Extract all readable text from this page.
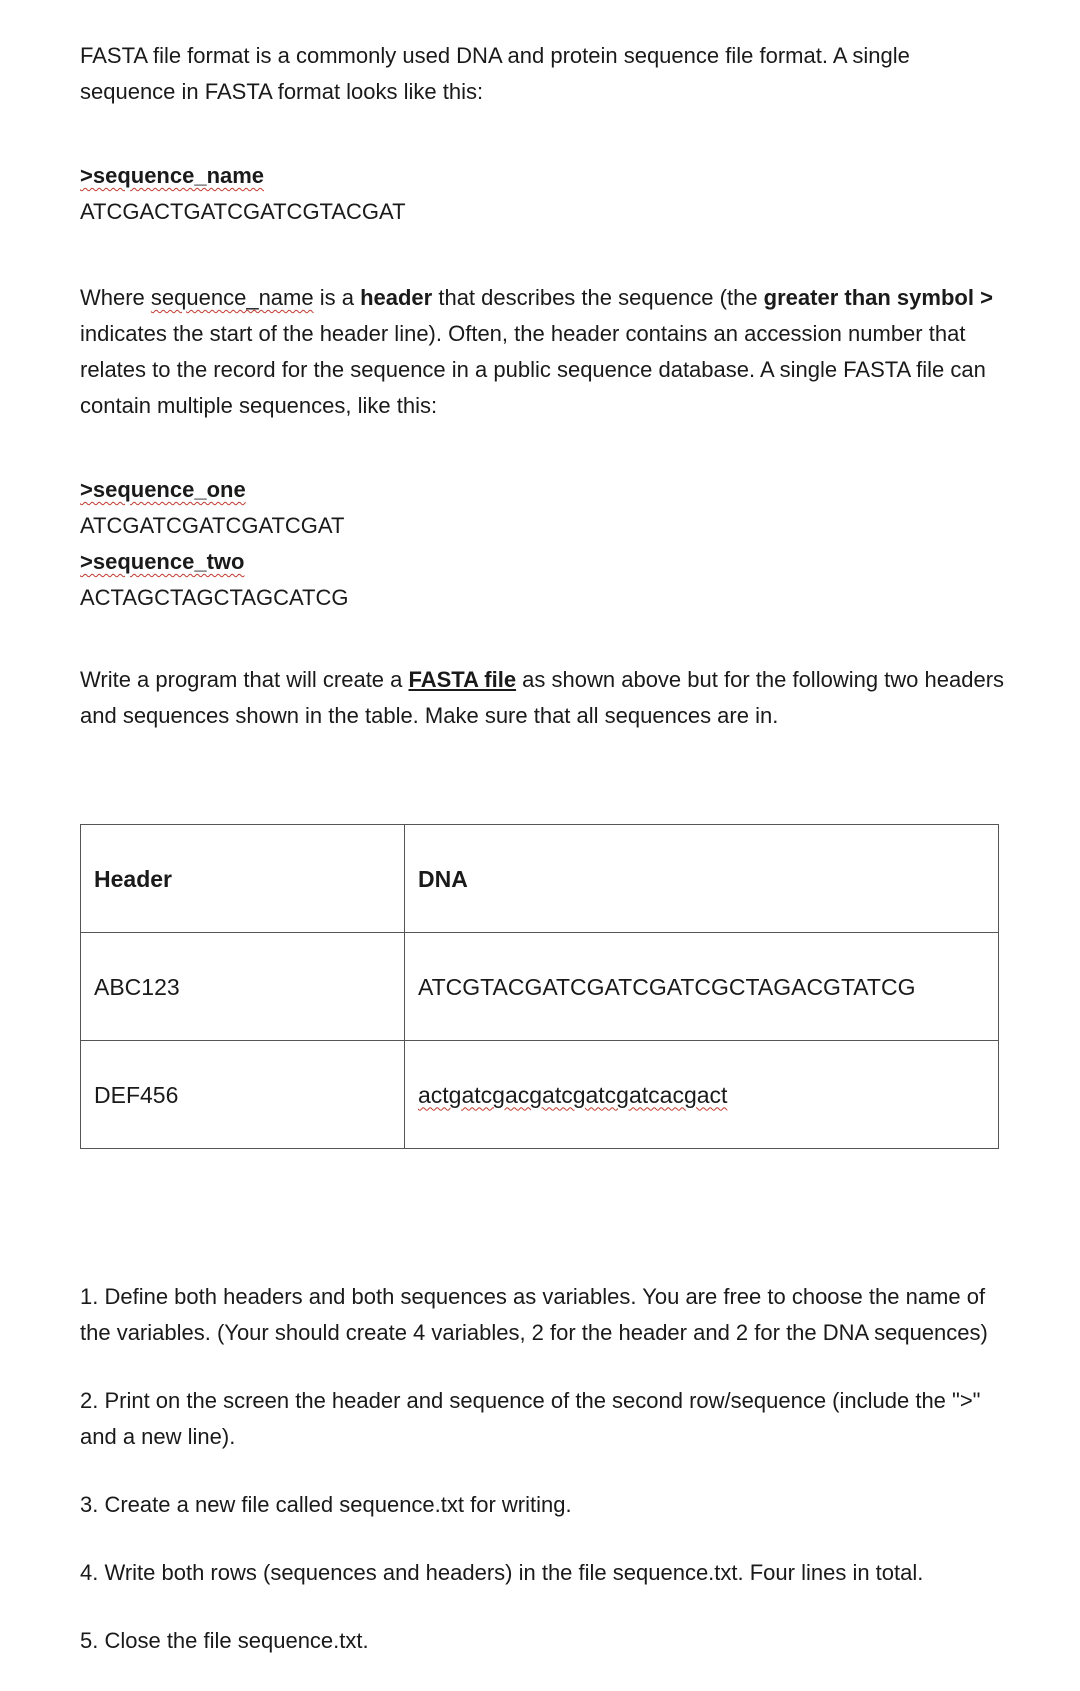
FASTA file format is a commonly used DNA and protein sequence file format. A single sequence in FASTA format looks like this:

>sequence_name
ATCGACTGATCGATCGTACGAT

Where sequence_name is a header that describes the sequence (the greater than symbol > indicates the start of the header line). Often, the header contains an accession number that relates to the record for the sequence in a public sequence database. A single FASTA file can contain multiple sequences, like this:

>sequence_one
ATCGATCGATCGATCGAT
>sequence_two
ACTAGCTAGCTAGCATCG

Write a program that will create a FASTA file as shown above but for the following two headers and sequences shown in the table. Make sure that all sequences are in.

Header	DNA
ABC123	ATCGTACGATCGATCGATCGCTAGACGTATCG
DEF456	actgatcgacgatcgatcgatcacgact

1. Define both headers and both sequences as variables. You are free to choose the name of the variables. (Your should create 4 variables, 2 for the header and 2 for the DNA sequences)

2. Print on the screen the header and sequence of the second row/sequence (include the ">" and a new line).

3. Create a new file called sequence.txt for writing.

4. Write both rows (sequences and headers) in the file sequence.txt. Four lines in total.

5. Close the file sequence.txt.
